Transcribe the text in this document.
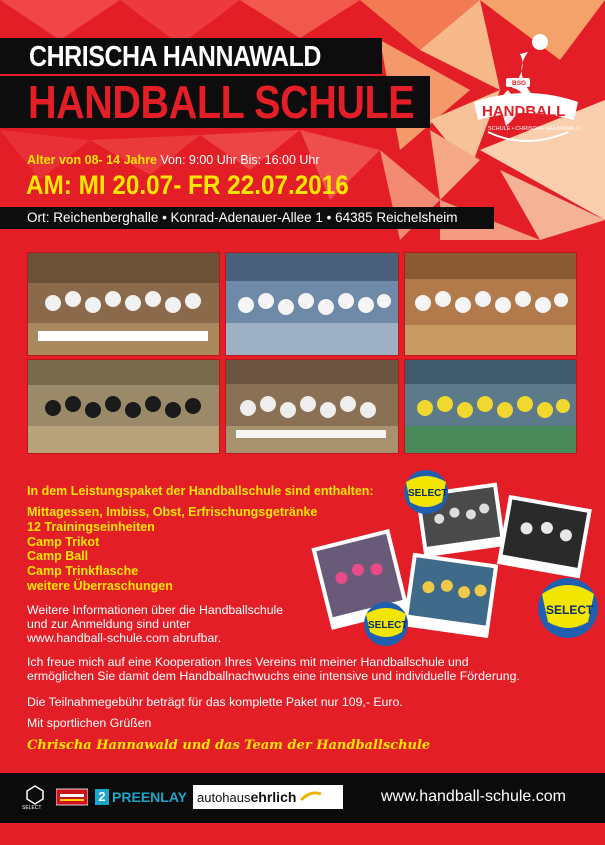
CHRISCHA HANNAWALD
HANDBALL SCHULE	BSG
HANDBALL
SCHULE • CHRISCHA HANNAWALD
Alter von 08- 14 Jahre Von: 9:00 Uhr Bis: 16:00 Uhr
AM: MI 20.07- FR 22.07.2016
Ort: Reichenberghalle • Konrad-Adenauer-Allee 1 • 64385 Reichelsheim
In dem Leistungspaket der Handballschule sind enthalten:
Mittagessen, Imbiss, Obst, Erfrischungsgetränke
12 Trainingseinheiten
Camp Trikot
Camp Ball
Camp Trinkflasche
weitere Überraschungen
SELECT
SELECT
SELECT
Weitere Informationen über die Handballschule
und zur Anmeldung sind unter
www.handball-schule.com abrufbar.
Ich freue mich auf eine Kooperation Ihres Vereins mit meiner Handballschule und
ermöglichen Sie damit dem Handballnachwuchs eine intensive und individuelle Förderung.
Die Teilnahmegebühr beträgt für das komplette Paket nur 109,- Euro.
Mit sportlichen Grüßen
Chrischa Hannawald und das Team der Handballschule
SELECT
2 PREENLAY autohaus ehrlich	www.handball-schule.com
